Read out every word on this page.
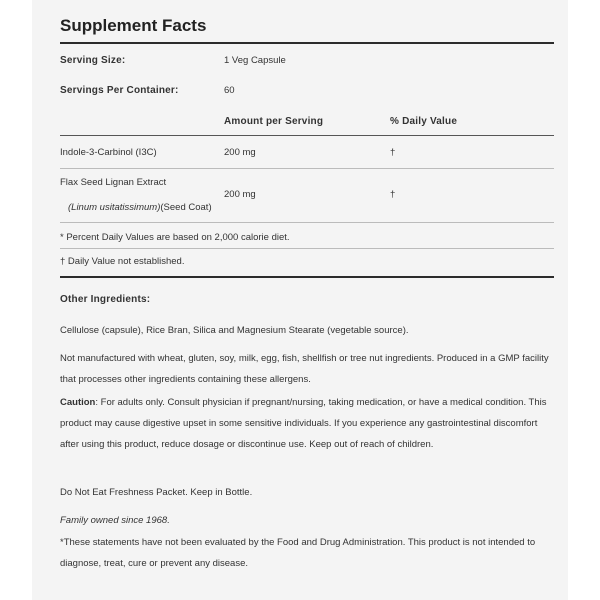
Supplement Facts
Serving Size:	1 Veg Capsule
Servings Per Container:	60
Amount per Serving	% Daily Value
Indole-3-Carbinol (I3C)	200 mg	†
Flax Seed Lignan Extract
(Linum usitatissimum)(Seed Coat)
200 mg	†
* Percent Daily Values are based on 2,000 calorie diet.
† Daily Value not established.
Other Ingredients:
Cellulose (capsule), Rice Bran, Silica and Magnesium Stearate (vegetable source).
Not manufactured with wheat, gluten, soy, milk, egg, fish, shellfish or tree nut ingredients. Produced in a GMP facility that processes other ingredients containing these allergens.
Caution: For adults only. Consult physician if pregnant/nursing, taking medication, or have a medical condition. This product may cause digestive upset in some sensitive individuals. If you experience any gastrointestinal discomfort after using this product, reduce dosage or discontinue use. Keep out of reach of children.
Do Not Eat Freshness Packet. Keep in Bottle.
Family owned since 1968.
*These statements have not been evaluated by the Food and Drug Administration. This product is not intended to diagnose, treat, cure or prevent any disease.
